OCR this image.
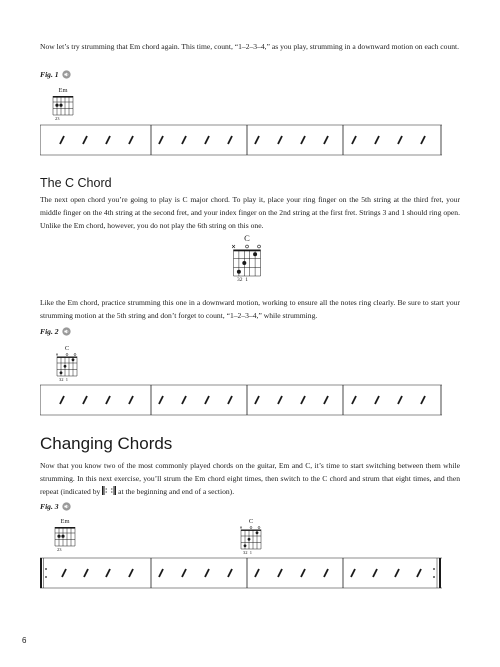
Now let’s try strumming that Em chord again. This time, count, “1–2–3–4,” as you play, strumming in a downward motion on each count.

Fig. 1
Em
23
The C Chord

The next open chord you’re going to play is C major chord. To play it, place your ring finger on the 5th string at the third fret, your middle finger on the 4th string at the second fret, and your index finger on the 2nd string at the first fret. Strings 3 and 1 should ring open. Unlike the Em chord, however, you do not play the 6th string on this one.

C
32  1

Like the Em chord, practice strumming this one in a downward motion, working to ensure all the notes ring clearly. Be sure to start your strumming motion at the 5th string and don’t forget to count, “1–2–3–4,” while strumming.

Fig. 2
C
32  1
Changing Chords

Now that you know two of the most commonly played chords on the guitar, Em and C, it’s time to start switching between them while strumming. In this next exercise, you’ll strum the Em chord eight times, then switch to the C chord and strum that eight times, and then repeat (indicated by at the beginning and end of a section).

Fig. 3
Em
23
C
32  1
6
